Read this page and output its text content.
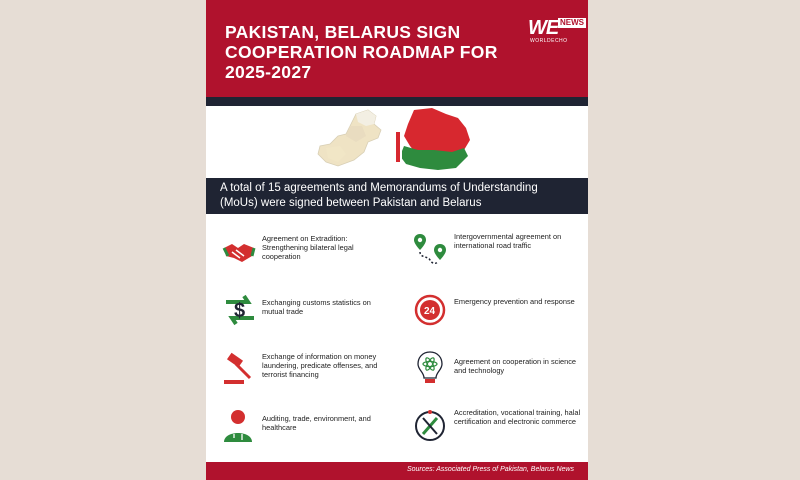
PAKISTAN, BELARUS SIGN
COOPERATION ROADMAP FOR
2025-2027
WE NEWS
WORLDECHO
A total of 15 agreements and Memorandums of Understanding (MoUs) were signed between Pakistan and Belarus
Agreement on Extradition: Strengthening bilateral legal cooperation
Intergovernmental agreement on international road traffic
$ Exchanging customs statistics on mutual trade	24
Emergency prevention and response
Exchange of information on money laundering, predicate offenses, and terrorist financing
Agreement on cooperation in science and technology
Auditing, trade, environment, and healthcare
Accreditation, vocational training, halal certification and electronic commerce
Sources: Associated Press of Pakistan, Belarus News
